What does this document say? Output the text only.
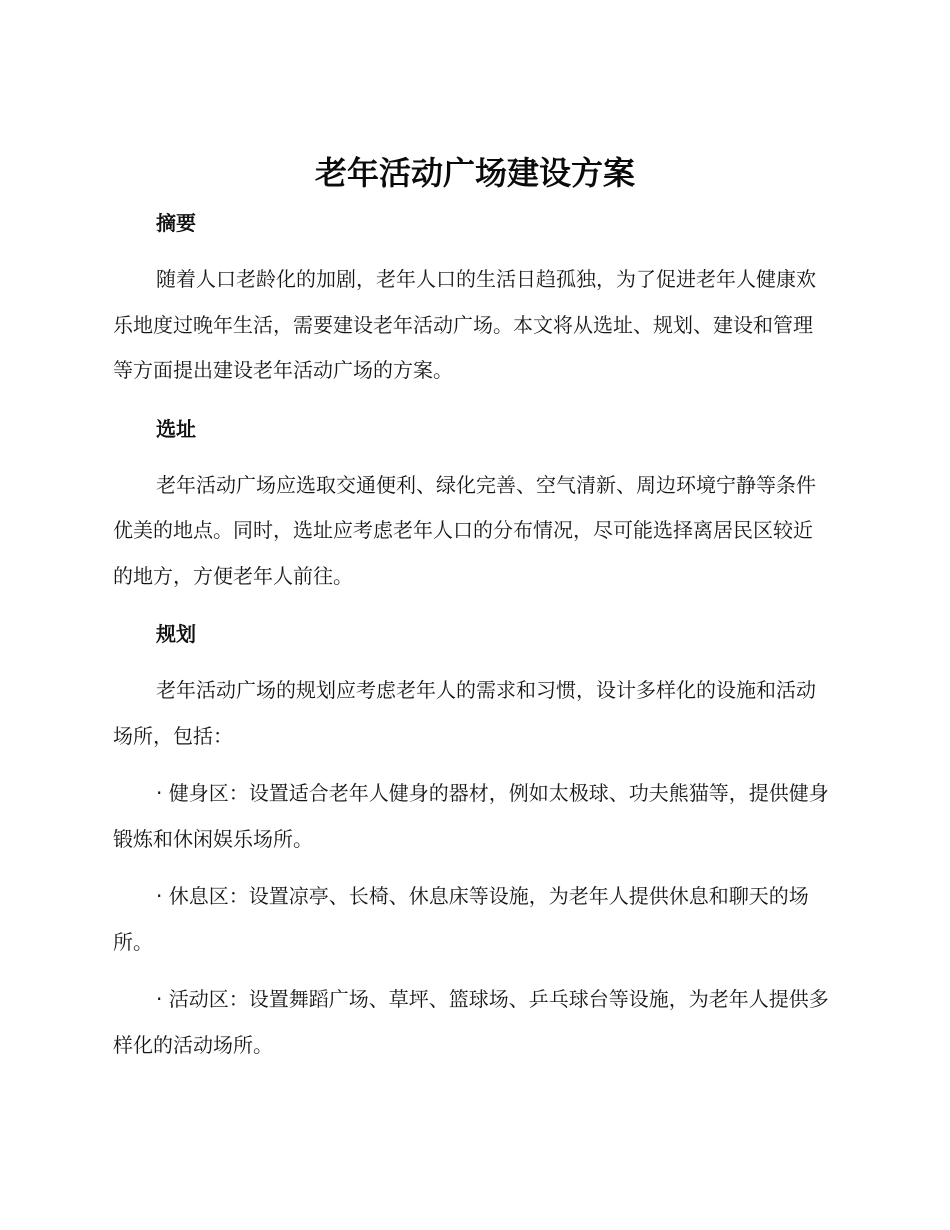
老年活动广场建设方案

摘要

随着人口老龄化的加剧，老年人口的生活日趋孤独，为了促进老年人健康欢乐地度过晚年生活，需要建设老年活动广场。本文将从选址、规划、建设和管理等方面提出建设老年活动广场的方案。

选址

老年活动广场应选取交通便利、绿化完善、空气清新、周边环境宁静等条件优美的地点。同时，选址应考虑老年人口的分布情况，尽可能选择离居民区较近的地方，方便老年人前往。

规划

老年活动广场的规划应考虑老年人的需求和习惯，设计多样化的设施和活动场所，包括：

· 健身区：设置适合老年人健身的器材，例如太极球、功夫熊猫等，提供健身锻炼和休闲娱乐场所。

· 休息区：设置凉亭、长椅、休息床等设施，为老年人提供休息和聊天的场所。

· 活动区：设置舞蹈广场、草坪、篮球场、乒乓球台等设施，为老年人提供多样化的活动场所。
